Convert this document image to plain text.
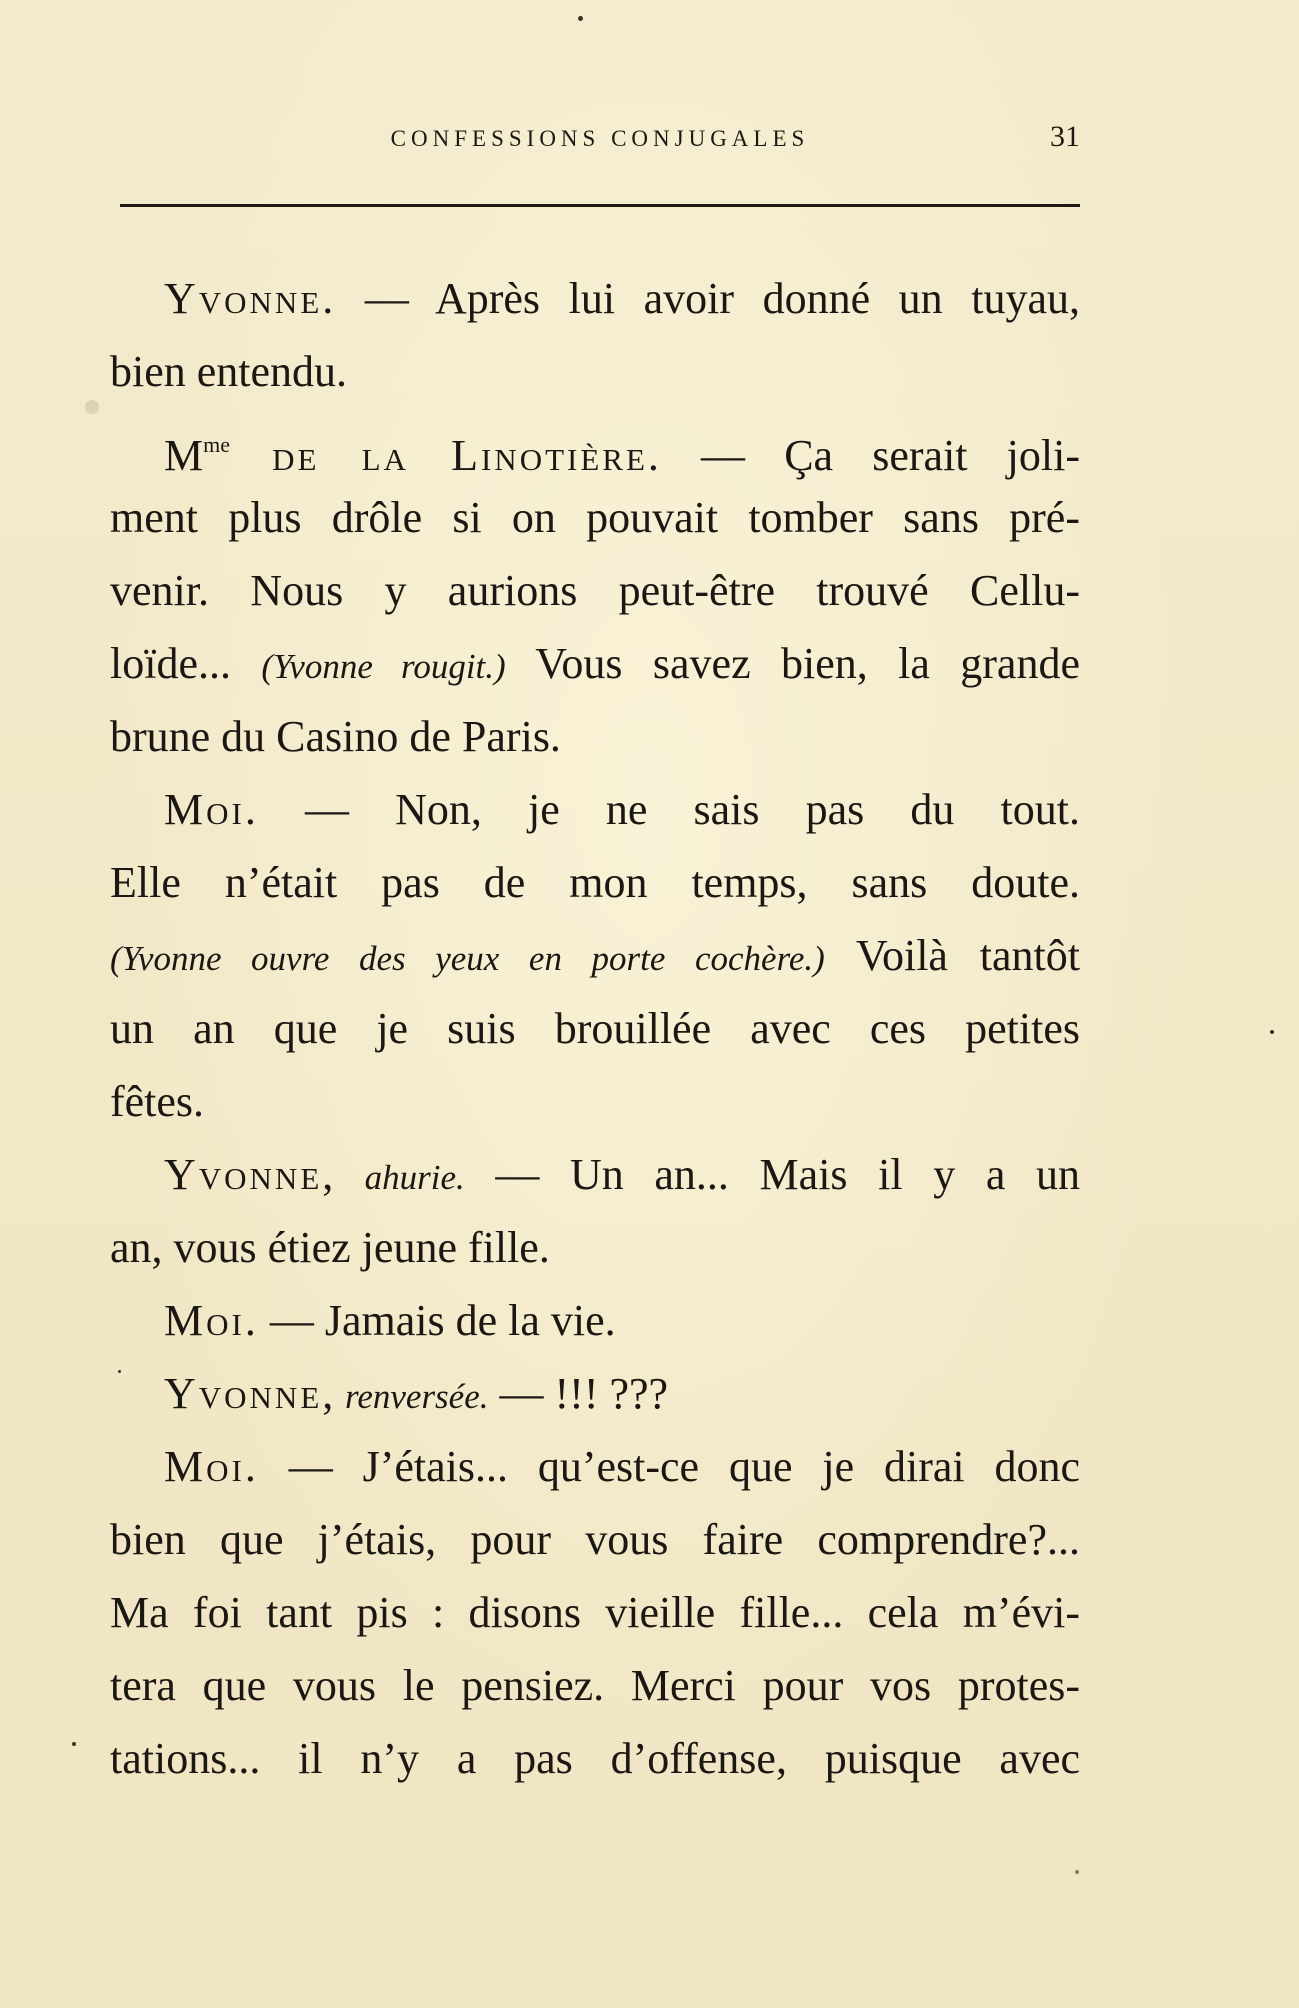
CONFESSIONS CONJUGALES	31
Yvonne. — Après lui avoir donné un tuyau,
bien entendu.
$M^{me}$ de la Linotière. — Ça serait joli-
ment plus drôle si on pouvait tomber sans pré-
venir. Nous y aurions peut-être trouvé Cellu-
loïde... (Yvonne rougit.) Vous savez bien, la grande
brune du Casino de Paris.
Moi. — Non, je ne sais pas du tout.
Elle n’était pas de mon temps, sans doute.
(Yvonne ouvre des yeux en porte cochère.) Voilà tantôt
un an que je suis brouillée avec ces petites
fêtes.
Yvonne, ahurie. — Un an... Mais il y a un
an, vous étiez jeune fille.
Moi. — Jamais de la vie.
Yvonne, renversée. — !!! ???
Moi. — J’étais... qu’est-ce que je dirai donc
bien que j’étais, pour vous faire comprendre?...
Ma foi tant pis : disons vieille fille... cela m’évi-
tera que vous le pensiez. Merci pour vos protes-
tations... il n’y a pas d’offense, puisque avec
